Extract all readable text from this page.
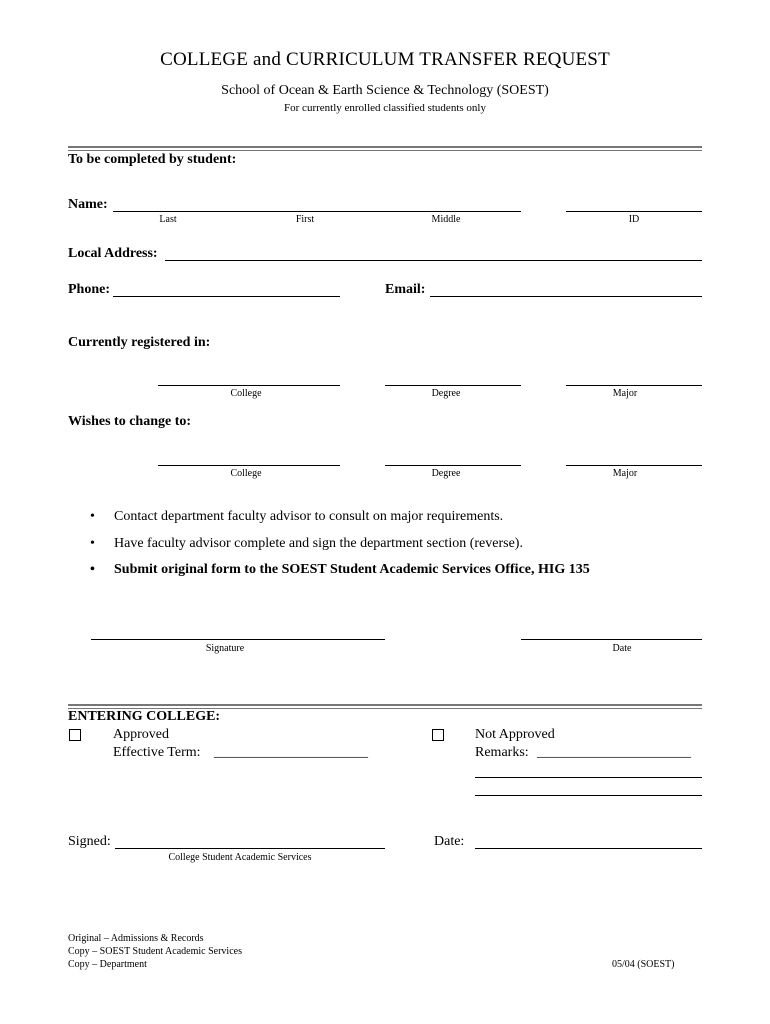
COLLEGE and CURRICULUM TRANSFER REQUEST
School of Ocean & Earth Science & Technology (SOEST)
For currently enrolled classified students only
To be completed by student:
Name:
Last	First	Middle	ID
Local Address:
Phone:	Email:
Currently registered in:
College	Degree	Major
Wishes to change to:
College	Degree	Major
• Contact department faculty advisor to consult on major requirements.
• Have faculty advisor complete and sign the department section (reverse).
• Submit original form to the SOEST Student Academic Services Office, HIG 135
Signature	Date
ENTERING COLLEGE:
Approved
Effective Term: ______________________
Not Approved
Remarks: ______________________
Signed:
College Student Academic Services
Date:
Original – Admissions & Records
Copy – SOEST Student Academic Services
Copy – Department	05/04 (SOEST)
